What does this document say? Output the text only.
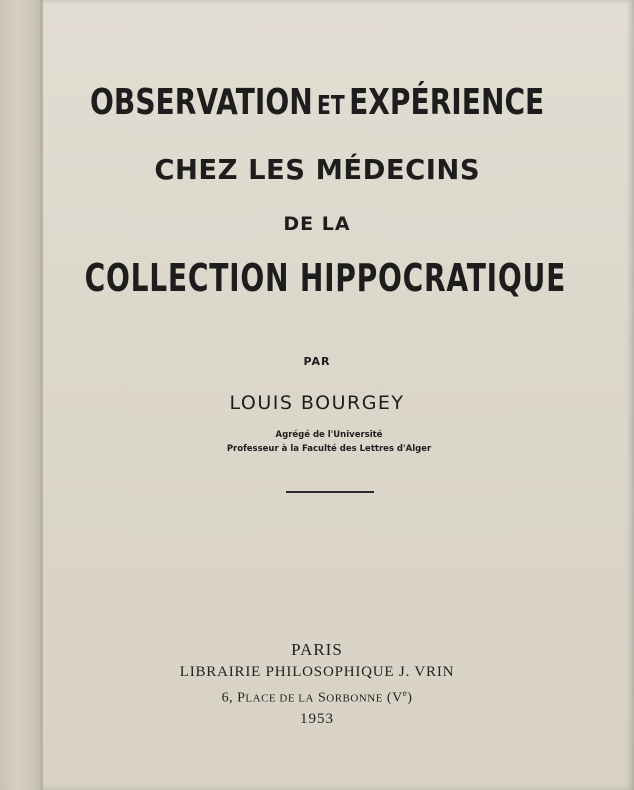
OBSERVATION ET EXPÉRIENCE
CHEZ LES MÉDECINS
DE LA
COLLECTION HIPPOCRATIQUE
PAR
LOUIS BOURGEY
Agrégé de l'Université
Professeur à la Faculté des Lettres d'Alger
PARIS
LIBRAIRIE PHILOSOPHIQUE J. VRIN
6, PLACE DE LA SORBONNE (Ve)
1953
